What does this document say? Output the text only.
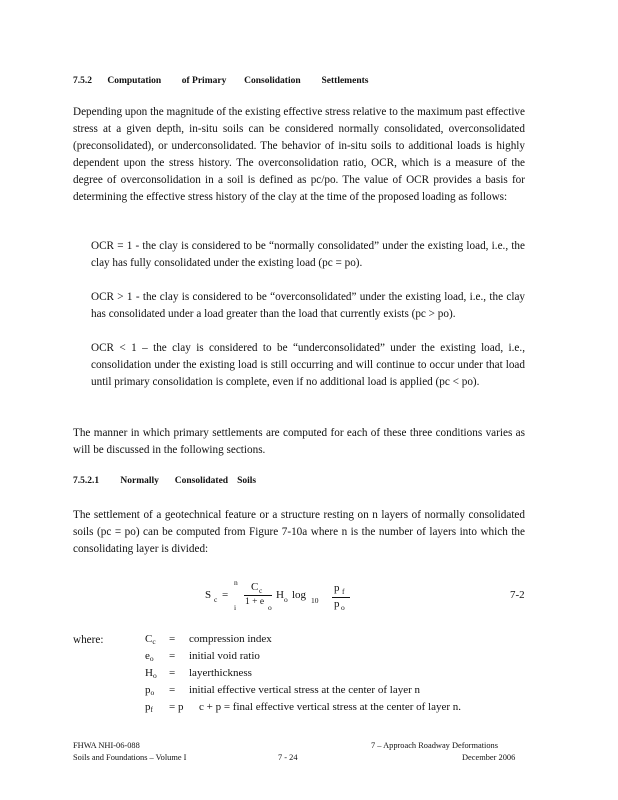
7.5.2 Computation of Primary Consolidation Settlements
Depending upon the magnitude of the existing effective stress relative to the maximum past effective stress at a given depth, in-situ soils can be considered normally consolidated, overconsolidated (preconsolidated), or underconsolidated. The behavior of in-situ soils to additional loads is highly dependent upon the stress history. The overconsolidation ratio, OCR, which is a measure of the degree of overconsolidation in a soil is defined as pc/po. The value of OCR provides a basis for determining the effective stress history of the clay at the time of the proposed loading as follows:
OCR = 1 - the clay is considered to be “normally consolidated” under the existing load, i.e., the clay has fully consolidated under the existing load (pc = po).
OCR > 1 - the clay is considered to be “overconsolidated” under the existing load, i.e., the clay has consolidated under a load greater than the load that currently exists (pc > po).
OCR < 1 – the clay is considered to be “underconsolidated” under the existing load, i.e., consolidation under the existing load is still occurring and will continue to occur under that load until primary consolidation is complete, even if no additional load is applied (pc < po).
The manner in which primary settlements are computed for each of these three conditions varies as will be discussed in the following sections.
7.5.2.1 Normally Consolidated Soils
The settlement of a geotechnical feature or a structure resting on n layers of normally consolidated soils (pc = po) can be computed from Figure 7-10a where n is the number of layers into which the consolidating layer is divided:
S c =
n
i
C c
1 + e
o
H o log 10
p f
p o
7-2
where:	$C_c$ = compression index
$e_o$ = initial void ratio
$H_o$ = layerthickness
$p_o$ = initial effective vertical stress at the center of layer n
$p_f = p$ c + p = final effective vertical stress at the center of layer n.
FHWA NHI-06-088
Soils and Foundations – Volume I	7 - 24
7 – Approach Roadway Deformations
December 2006
